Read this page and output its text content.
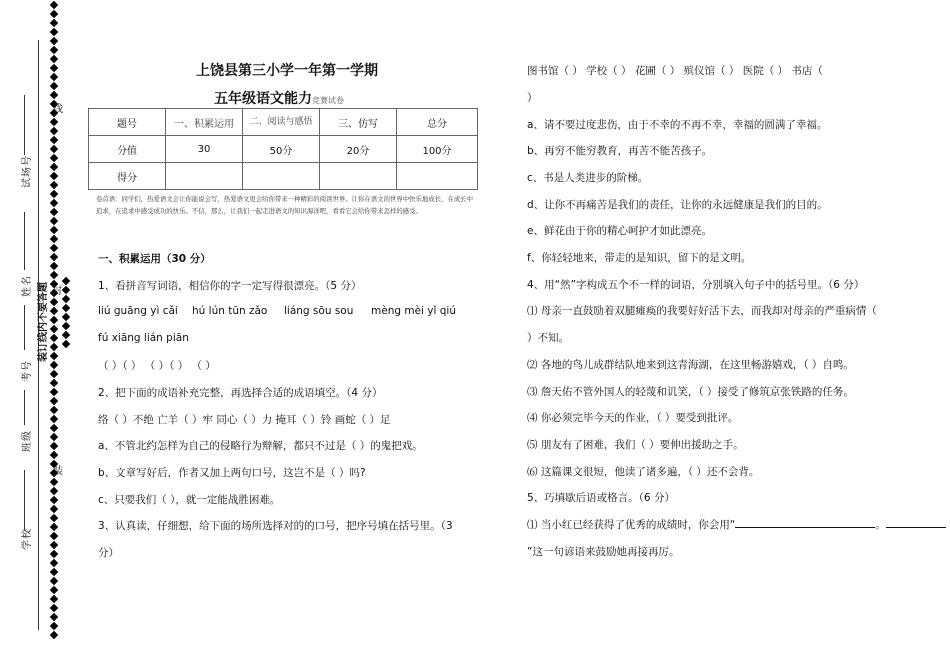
线
试场号
姓名 装订线内不要答题 封
考号
班级
装
学校
上饶县第三小学一年第一学期
五年级语文能力竞赛试卷
题号	一、积累运用	二、阅读与感悟	三、仿写	总分
分值	30	50分	20分	100分
得分				
卷首语：同学们，热爱语文会让你能说会写，热爱语文更会给你带来一种精彩的阅读世界。让你在语文的世界中快乐地成长，在成长中追求，在追求中感受成功的快乐。不信，那么，让我们一起走进语文的知识海洋吧，看看它会给你带来怎样的感受。
一、积累运用（30 分）
1、看拼音写词语，相信你的字一定写得很漂亮。（5 分）
liú guāng yì cǎi hú lún tūn zǎo liáng sōu sou mèng mèi yǐ qiú
fú xiāng lián piān
（ ）（ ） （ ）（ ） （ ）
2、把下面的成语补充完整，再选择合适的成语填空。（4 分）
络（ ）不绝 亡羊（ ）牢 同心（ ）力 掩耳（ ）铃 画蛇（ ）足
a、不管北约怎样为自己的侵略行为辩解，都只不过是（ ）的鬼把戏。
b、文章写好后，作者又加上两句口号，这岂不是（ ）吗?
c、只要我们（ ），就一定能战胜困难。
3、认真读，仔细想，给下面的场所选择对的的口号，把序号填在括号里。（3
分）
图书馆（ ） 学校（ ） 花圃（ ） 殡仪馆（ ） 医院（ ） 书店（
）
a、请不要过度悲伤，由于不幸的不再不幸，幸福的圆满了幸福。
b、再穷不能穷教育，再苦不能苦孩子。
c、书是人类进步的阶梯。
d、让你不再痛苦是我们的责任，让你的永远健康是我们的目的。
e、鲜花由于你的精心呵护才如此漂亮。
f、你轻轻地来，带走的是知识，留下的是文明。
4、用“然”字构成五个不一样的词语，分别填入句子中的括号里。（6 分）
⑴ 母亲一直鼓励着双腿瘫痪的我要好好活下去，而我却对母亲的严重病情（
）不知。
⑵ 各地的鸟儿成群结队地来到这青海湖，在这里畅游嬉戏，（ ）自鸣。
⑶ 詹天佑不管外国人的轻蔑和讥笑，（ ）接受了修筑京张铁路的任务。
⑷ 你必须完毕今天的作业，（ ）要受到批评。
⑸ 朋友有了困难，我们（ ）要伸出援助之手。
⑹ 这篇课文很短，他读了诸多遍，（ ）还不会背。
5、巧填歇后语或格言。（6 分）
⑴ 当小红已经获得了优秀的成绩时，你会用“	。
”这一句谚语来鼓励她再接再厉。
